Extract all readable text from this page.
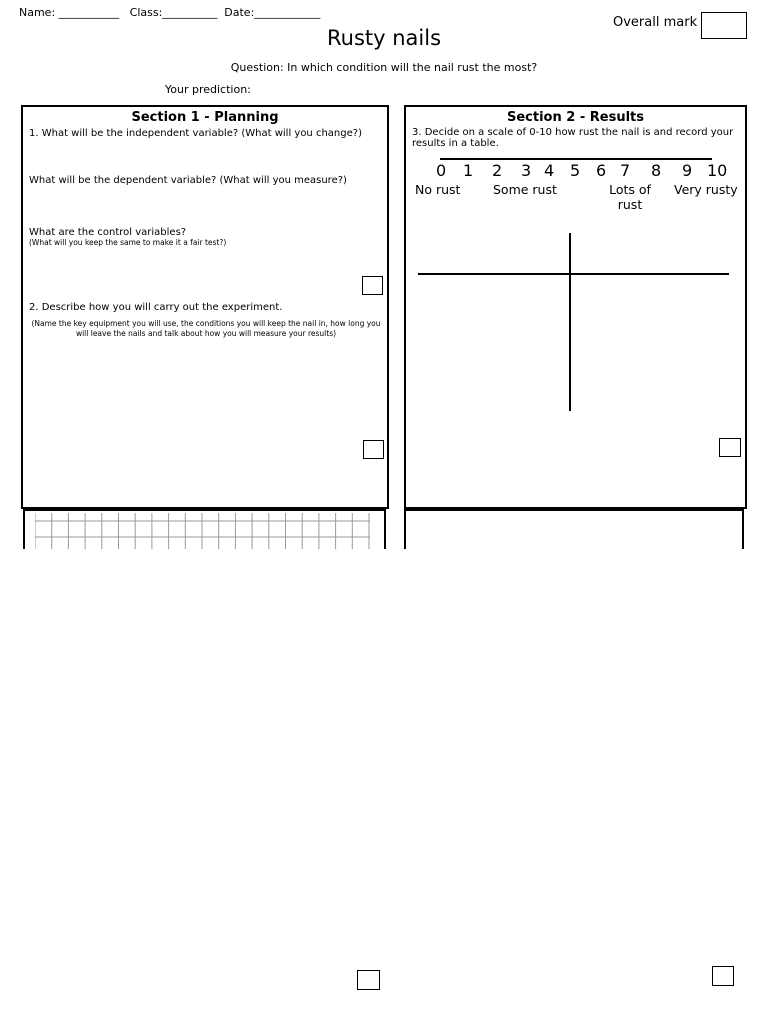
Name: ___________   Class:__________  Date:____________
Overall mark
Rusty nails
Question: In which condition will the nail rust the most?
Your prediction:
Section 1 - Planning
1. What will be the independent variable? (What will you change?)
What will be the dependent variable? (What will you measure?)
What are the control variables?
(What will you keep the same to make it a fair test?)
2. Describe how you will carry out the experiment.
(Name the key equipment you will use, the conditions you will keep the nail in, how long you will leave the nails and talk about how you will measure your results)
Section 2 - Results
3. Decide on a scale of 0-10 how rust the nail is and record your results in a table.
0 1 2 3 4 5 6 7 8 9 10
No rust	Some rust	Lots of rust
Very rusty
